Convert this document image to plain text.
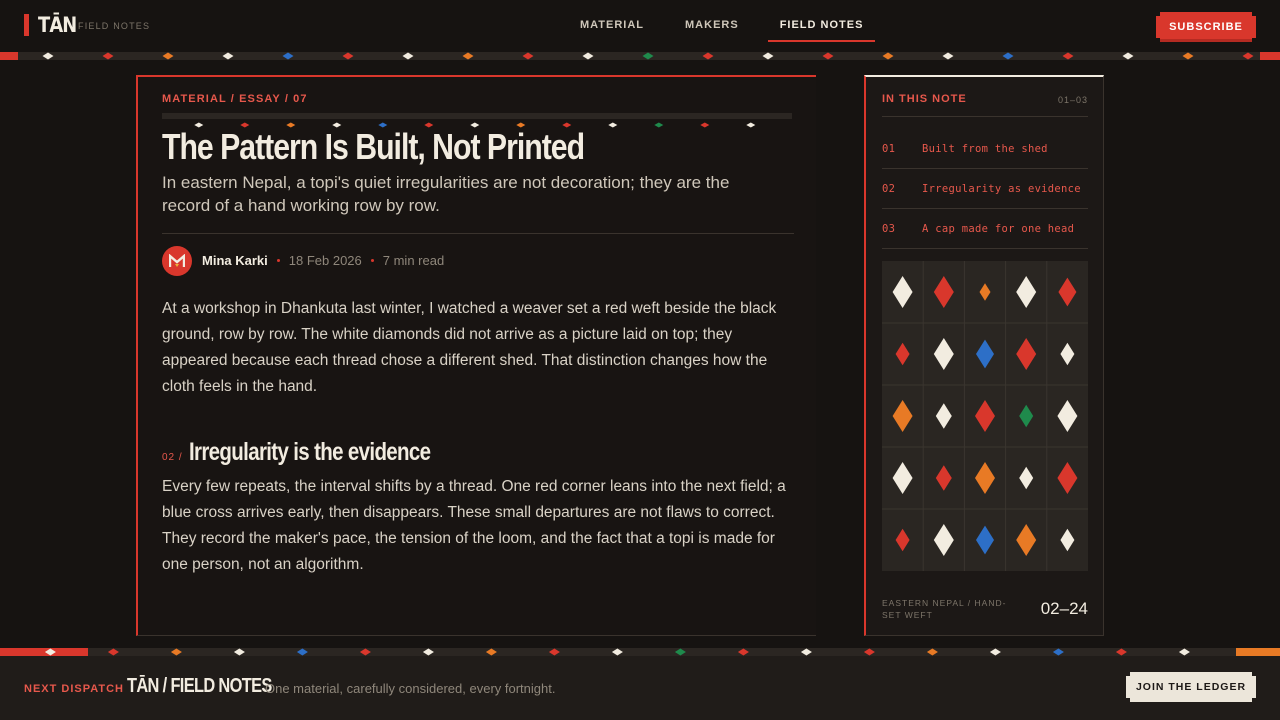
TĀN FIELD NOTES	MATERIAL	MAKERS	FIELD NOTES	SUBSCRIBE
MATERIAL / ESSAY / 07
The Pattern Is Built, Not Printed
In eastern Nepal, a topi's quiet irregularities are not decoration; they are the record of a hand working row by row.
Mina Karki 18 Feb 2026 7 min read

At a workshop in Dhankuta last winter, I watched a weaver set a red weft beside the black ground, row by row. The white diamonds did not arrive as a picture laid on top; they appeared because each thread chose a different shed. That distinction changes how the cloth feels in the hand.

02 / Irregularity is the evidence

Every few repeats, the interval shifts by a thread. One red corner leans into the next field; a blue cross arrives early, then disappears. These small departures are not flaws to correct. They record the maker's pace, the tension of the loom, and the fact that a topi is made for one person, not an algorithm.

IN THIS NOTE	01–03
01	Built from the shed
02	Irregularity as evidence
03	A cap made for one head
EASTERN NEPAL / HAND-SET WEFT	02–24
NEXT DISPATCH TĀN / FIELD NOTES
One material, carefully considered, every fortnight.	JOIN THE LEDGER
